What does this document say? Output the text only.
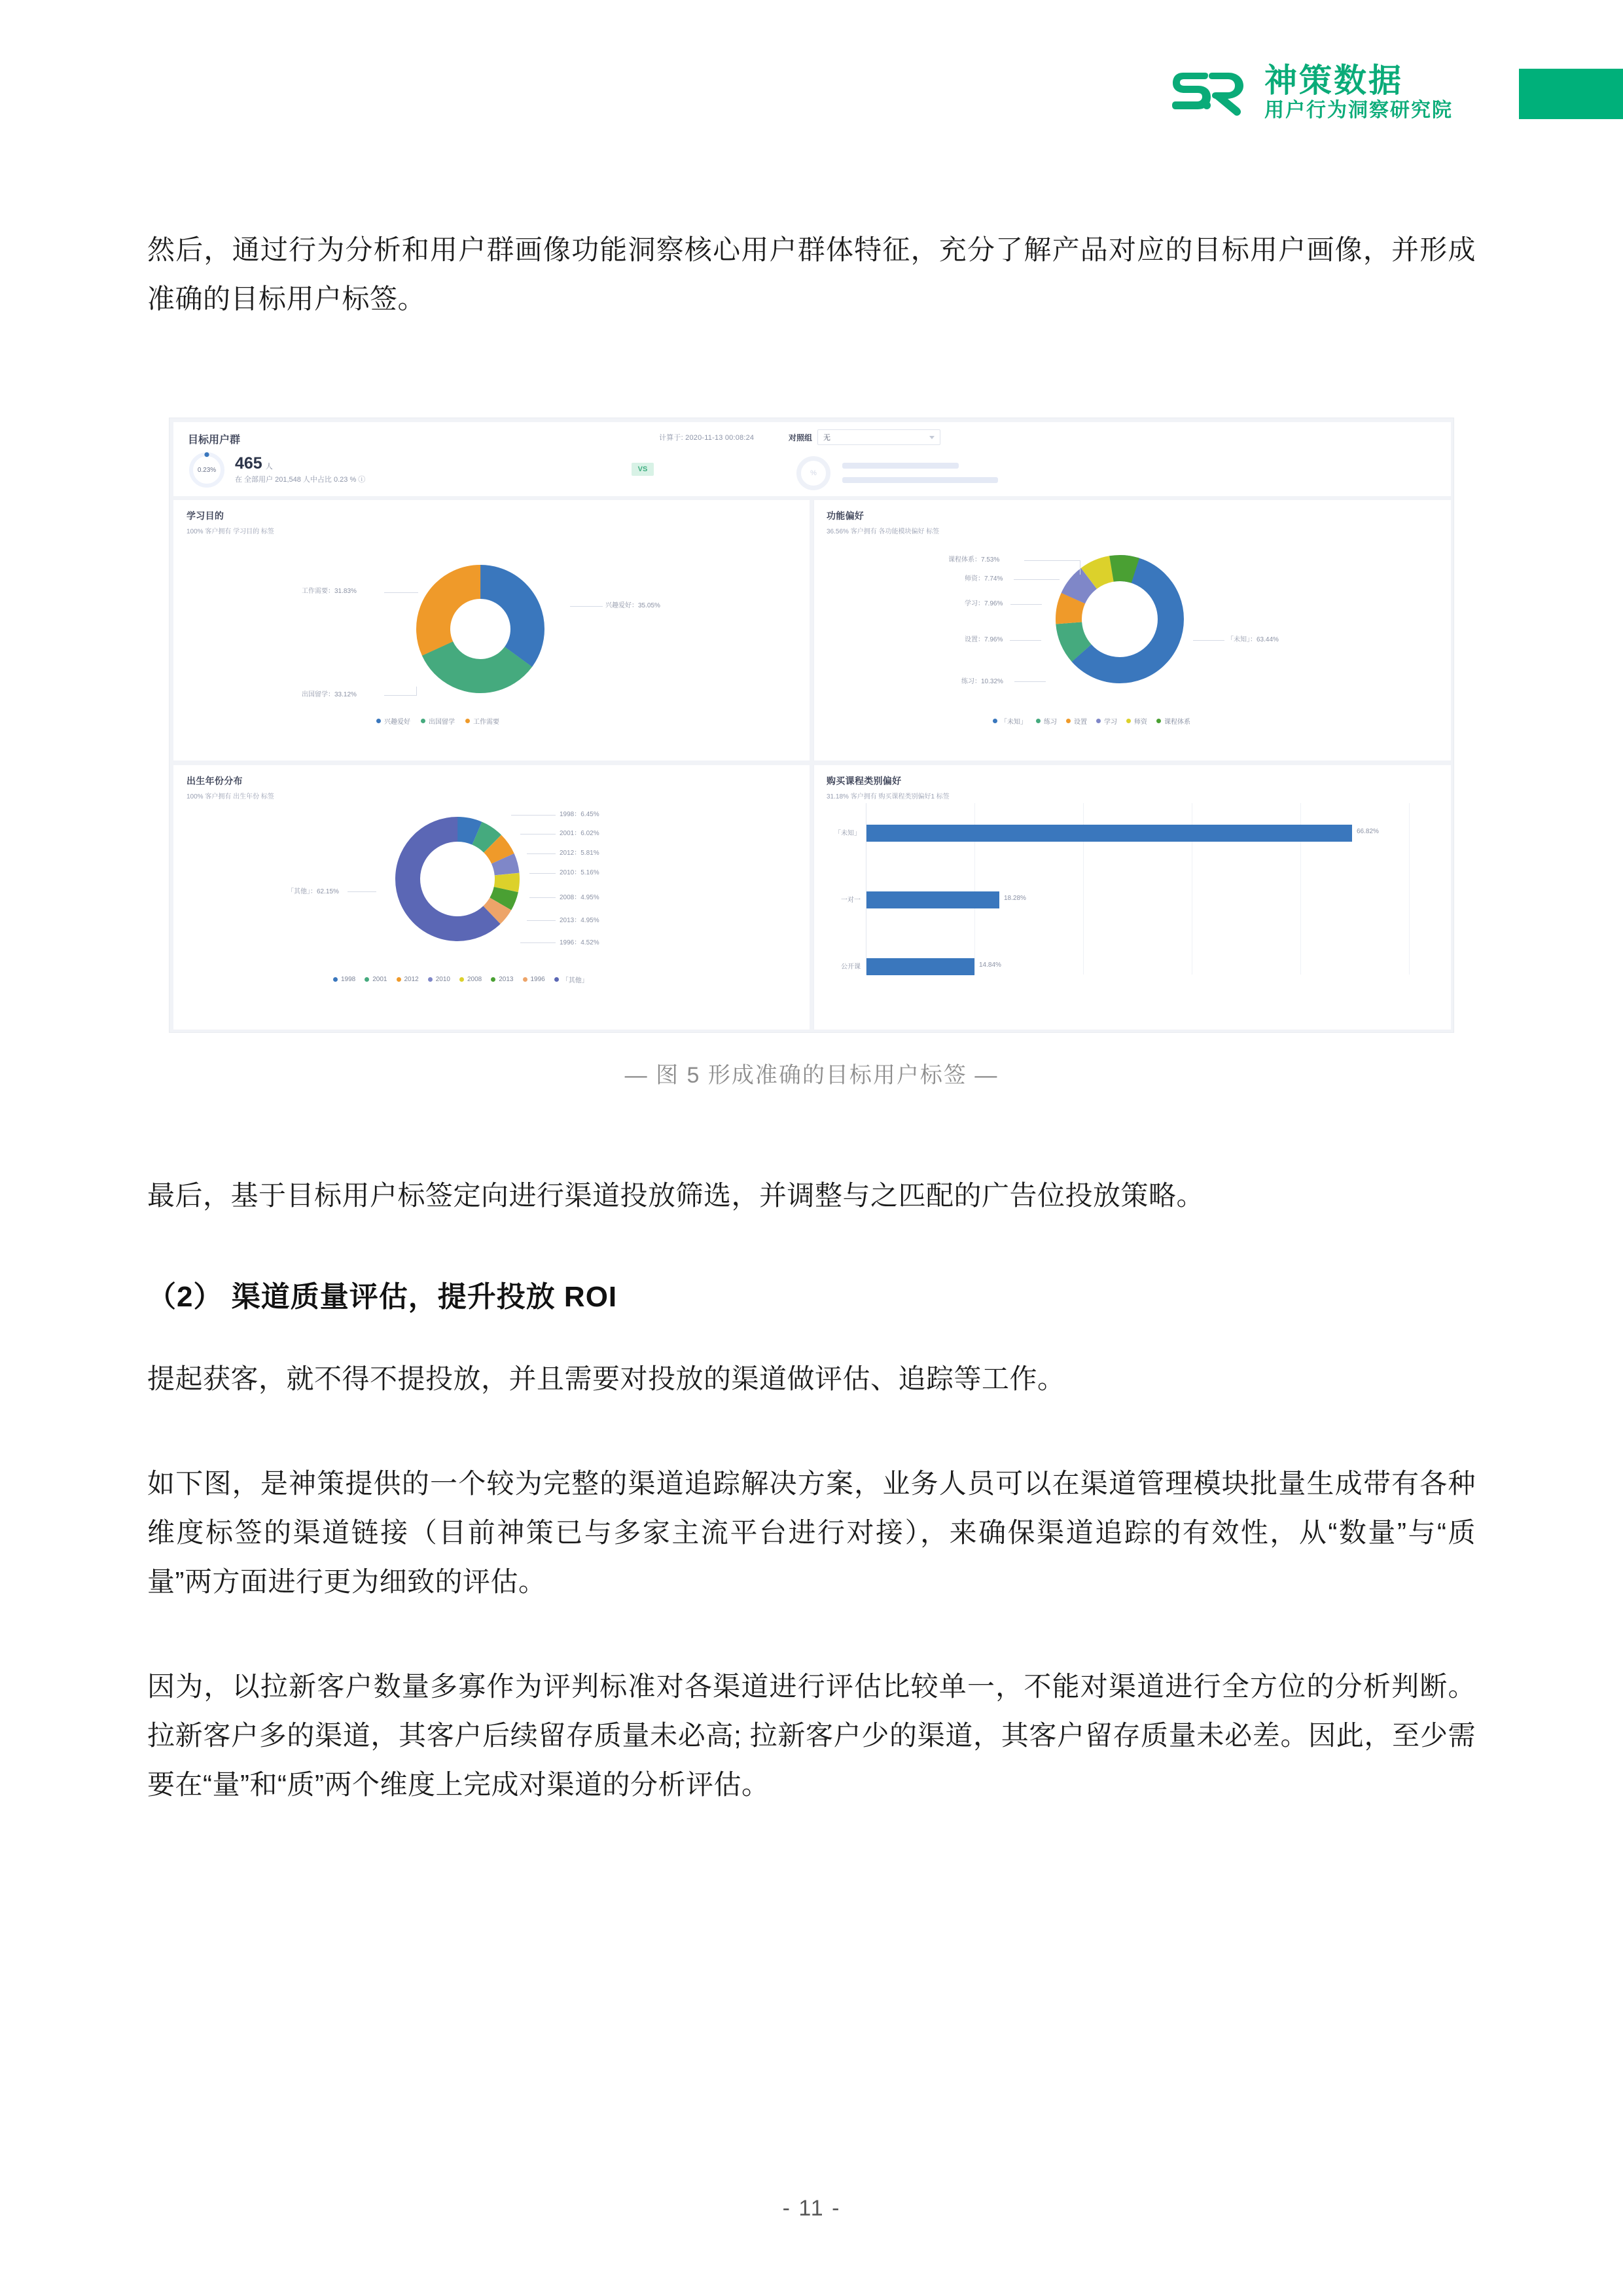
神策数据
用户行为洞察研究院

然后，通过行为分析和用户群画像功能洞察核心用户群体特征，充分了解产品对应的目标用户画像，并形成准确的目标用户标签。

目标用户群	计算于: 2020-11-13 00:08:24	对照组 无
0.23%	465 人
在 全部用户 201,548 人中占比 0.23 % ⓘ
VS	%
学习目的
100% 客户拥有 学习目的 标签
工作需要：31.83%
兴趣爱好：35.05%
出国留学：33.12%
兴趣爱好	出国留学	工作需要
功能偏好
36.56% 客户拥有 各功能模块偏好 标签
课程体系：7.53%
师资：7.74%
学习：7.96%
设置：7.96%
练习：10.32%
「未知」：63.44%
「未知」	练习	设置	学习	师资	课程体系
出生年份分布
100% 客户拥有 出生年份 标签
「其他」：62.15%
1998：6.45%
2001：6.02%
2012：5.81%
2010：5.16%
2008：4.95%
2013：4.95%
1996：4.52%
1998	2001	2012	2010	2008	2013	1996	「其他」
购买课程类别偏好
31.18% 客户拥有 购买课程类别偏好1 标签
「未知」	66.82%
一对一	18.28%
公开课	14.84%
— 图 5 形成准确的目标用户标签 —

最后，基于目标用户标签定向进行渠道投放筛选，并调整与之匹配的广告位投放策略。

（2） 渠道质量评估，提升投放 ROI

提起获客，就不得不提投放，并且需要对投放的渠道做评估、追踪等工作。

如下图，是神策提供的一个较为完整的渠道追踪解决方案，业务人员可以在渠道管理模块批量生成带有各种维度标签的渠道链接（目前神策已与多家主流平台进行对接），来确保渠道追踪的有效性，从“数量”与“质量”两方面进行更为细致的评估。

因为，以拉新客户数量多寡作为评判标准对各渠道进行评估比较单一，不能对渠道进行全方位的分析判断。拉新客户多的渠道，其客户后续留存质量未必高; 拉新客户少的渠道，其客户留存质量未必差。因此，至少需要在“量”和“质”两个维度上完成对渠道的分析评估。

- 11 -
